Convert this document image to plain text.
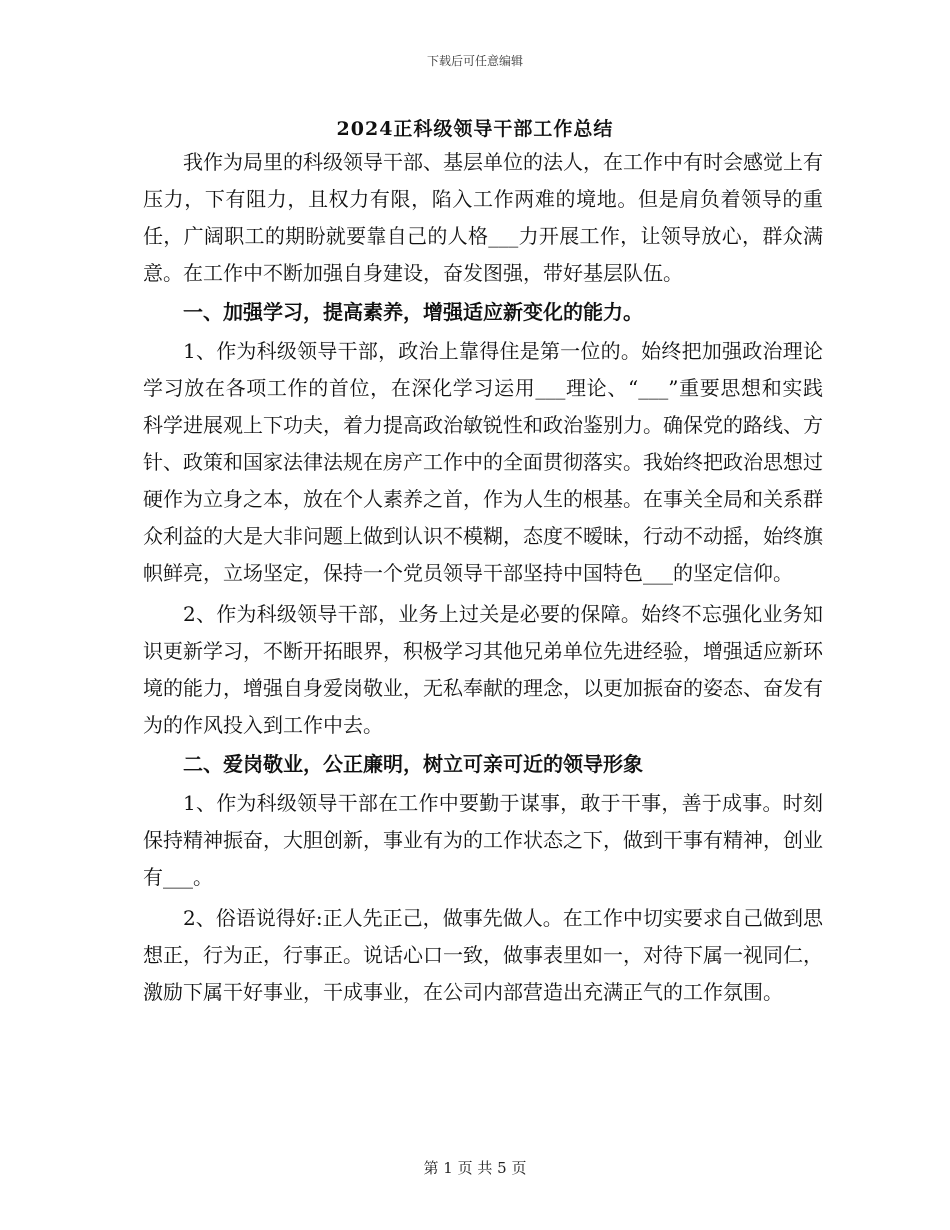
下载后可任意编辑
2024正科级领导干部工作总结

我作为局里的科级领导干部、基层单位的法人，在工作中有时会感觉上有压力，下有阻力，且权力有限，陷入工作两难的境地。但是肩负着领导的重任，广阔职工的期盼就要靠自己的人格___力开展工作，让领导放心，群众满意。在工作中不断加强自身建设，奋发图强，带好基层队伍。

一、加强学习，提高素养，增强适应新变化的能力。

1、作为科级领导干部，政治上靠得住是第一位的。始终把加强政治理论学习放在各项工作的首位，在深化学习运用___理论、“___”重要思想和实践科学进展观上下功夫，着力提高政治敏锐性和政治鉴别力。确保党的路线、方针、政策和国家法律法规在房产工作中的全面贯彻落实。我始终把政治思想过硬作为立身之本，放在个人素养之首，作为人生的根基。在事关全局和关系群众利益的大是大非问题上做到认识不模糊，态度不暧昧，行动不动摇，始终旗帜鲜亮，立场坚定，保持一个党员领导干部坚持中国特色___的坚定信仰。

2、作为科级领导干部，业务上过关是必要的保障。始终不忘强化业务知识更新学习，不断开拓眼界，积极学习其他兄弟单位先进经验，增强适应新环境的能力，增强自身爱岗敬业，无私奉献的理念，以更加振奋的姿态、奋发有为的作风投入到工作中去。

二、爱岗敬业，公正廉明，树立可亲可近的领导形象

1、作为科级领导干部在工作中要勤于谋事，敢于干事，善于成事。时刻保持精神振奋，大胆创新，事业有为的工作状态之下，做到干事有精神，创业有___。

2、俗语说得好:正人先正己，做事先做人。在工作中切实要求自己做到思想正，行为正，行事正。说话心口一致，做事表里如一，对待下属一视同仁，激励下属干好事业，干成事业，在公司内部营造出充满正气的工作氛围。

第 1 页 共 5 页
